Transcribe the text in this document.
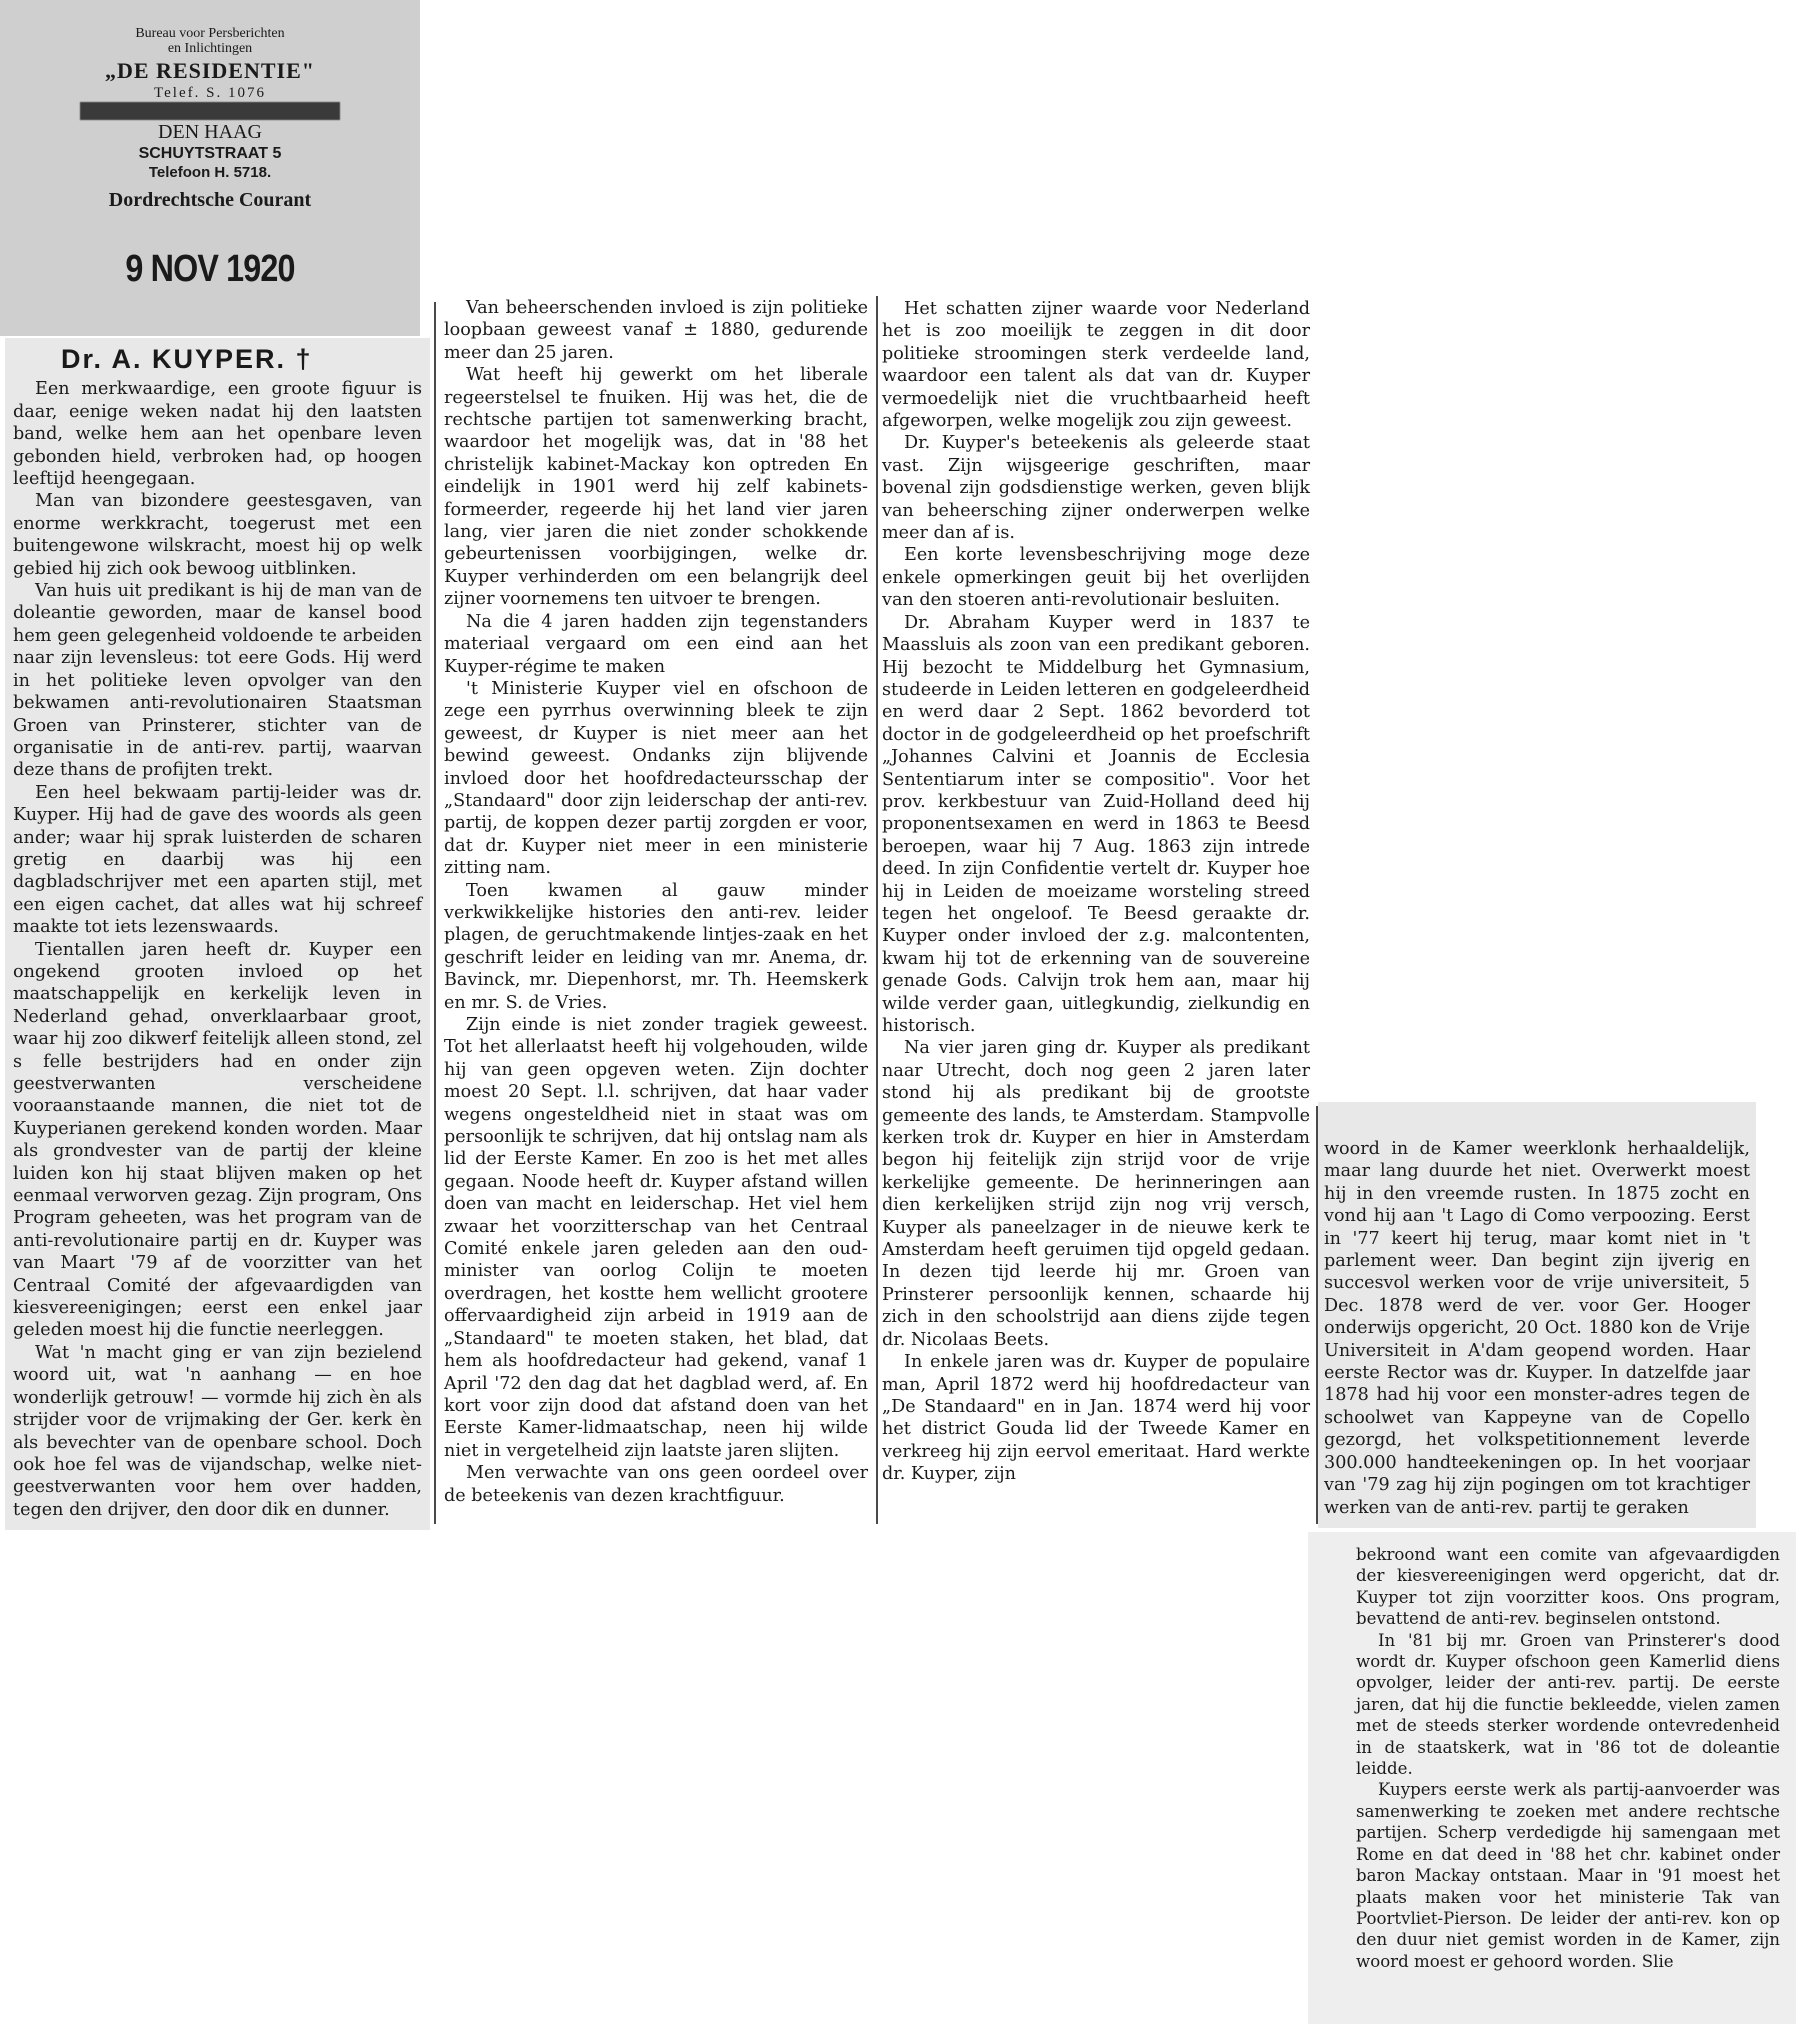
Bureau voor Persberichten
en Inlichtingen
„DE RESIDENTIE"
Telef. S. 1076

DEN HAAG
SCHUYTSTRAAT 5
Telefoon H. 5718.
Dordrechtsche Courant
9 NOV 1920
Dr. A. KUYPER. †

Een merkwaardige, een groote figuur is daar, eenige weken nadat hij den laatsten band, welke hem aan het openbare leven gebonden hield, verbroken had, op hoogen leeftijd heengegaan.

Man van bizondere geestesgaven, van enorme werkkracht, toegerust met een buitengewone wilskracht, moest hij op welk gebied hij zich ook bewoog uitblinken.

Van huis uit predikant is hij de man van de doleantie geworden, maar de kansel bood hem geen gelegenheid voldoende te arbeiden naar zijn levensleus: tot eere Gods. Hij werd in het politieke leven opvolger van den bekwamen anti-revolutionairen Staatsman Groen van Prinsterer, stichter van de organisatie in de anti-rev. partij, waarvan deze thans de profijten trekt.

Een heel bekwaam partij-leider was dr. Kuyper. Hij had de gave des woords als geen ander; waar hij sprak luisterden de scharen gretig en daarbij was hij een dagbladschrijver met een aparten stijl, met een eigen cachet, dat alles wat hij schreef maakte tot iets lezenswaards.

Tientallen jaren heeft dr. Kuyper een ongekend grooten invloed op het maatschappelijk en kerkelijk leven in Nederland gehad, onverklaarbaar groot, waar hij zoo dikwerf feitelijk alleen stond, zel s felle bestrijders had en onder zijn geestverwanten verscheidene vooraanstaande mannen, die niet tot de Kuyperianen gerekend konden worden. Maar als grondvester van de partij der kleine luiden kon hij staat blijven maken op het eenmaal verworven gezag. Zijn program, Ons Program geheeten, was het program van de anti-revolutionaire partij en dr. Kuyper was van Maart '79 af de voorzitter van het Centraal Comité der afgevaardigden van kiesvereenigingen; eerst een enkel jaar geleden moest hij die functie neerleggen.

Wat 'n macht ging er van zijn bezielend woord uit, wat 'n aanhang — en hoe wonderlijk getrouw! — vormde hij zich èn als strijder voor de vrijmaking der Ger. kerk èn als bevechter van de openbare school. Doch ook hoe fel was de vijandschap, welke niet-geestverwanten voor hem over hadden, tegen den drijver, den door dik en dunner.

Van beheerschenden invloed is zijn politieke loopbaan geweest vanaf ± 1880, gedurende meer dan 25 jaren.

Wat heeft hij gewerkt om het liberale regeerstelsel te fnuiken. Hij was het, die de rechtsche partijen tot samenwerking bracht, waardoor het mogelijk was, dat in '88 het christelijk kabinet-Mackay kon optreden En eindelijk in 1901 werd hij zelf kabinets-formeerder, regeerde hij het land vier jaren lang, vier jaren die niet zonder schokkende gebeurtenissen voorbijgingen, welke dr. Kuyper verhinderden om een belangrijk deel zijner voornemens ten uitvoer te brengen.

Na die 4 jaren hadden zijn tegenstanders materiaal vergaard om een eind aan het Kuyper-régime te maken

't Ministerie Kuyper viel en ofschoon de zege een pyrrhus overwinning bleek te zijn geweest, dr Kuyper is niet meer aan het bewind geweest. Ondanks zijn blijvende invloed door het hoofdredacteursschap der „Standaard" door zijn leiderschap der anti-rev. partij, de koppen dezer partij zorgden er voor, dat dr. Kuyper niet meer in een ministerie zitting nam.

Toen kwamen al gauw minder verkwikkelijke histories den anti-rev. leider plagen, de geruchtmakende lintjes-zaak en het geschrift leider en leiding van mr. Anema, dr. Bavinck, mr. Diepenhorst, mr. Th. Heemskerk en mr. S. de Vries.

Zijn einde is niet zonder tragiek geweest. Tot het allerlaatst heeft hij volgehouden, wilde hij van geen opgeven weten. Zijn dochter moest 20 Sept. l.l. schrijven, dat haar vader wegens ongesteldheid niet in staat was om persoonlijk te schrijven, dat hij ontslag nam als lid der Eerste Kamer. En zoo is het met alles gegaan. Noode heeft dr. Kuyper afstand willen doen van macht en leiderschap. Het viel hem zwaar het voorzitterschap van het Centraal Comité enkele jaren geleden aan den oud-minister van oorlog Colijn te moeten overdragen, het kostte hem wellicht grootere offervaardigheid zijn arbeid in 1919 aan de „Standaard" te moeten staken, het blad, dat hem als hoofdredacteur had gekend, vanaf 1 April '72 den dag dat het dagblad werd, af. En kort voor zijn dood dat afstand doen van het Eerste Kamer-lidmaatschap, neen hij wilde niet in vergetelheid zijn laatste jaren slijten.

Men verwachte van ons geen oordeel over de beteekenis van dezen krachtfiguur.

Het schatten zijner waarde voor Nederland het is zoo moeilijk te zeggen in dit door politieke stroomingen sterk verdeelde land, waardoor een talent als dat van dr. Kuyper vermoedelijk niet die vruchtbaarheid heeft afgeworpen, welke mogelijk zou zijn geweest.

Dr. Kuyper's beteekenis als geleerde staat vast. Zijn wijsgeerige geschriften, maar bovenal zijn godsdienstige werken, geven blijk van beheersching zijner onderwerpen welke meer dan af is.

Een korte levensbeschrijving moge deze enkele opmerkingen geuit bij het overlijden van den stoeren anti-revolutionair besluiten.

Dr. Abraham Kuyper werd in 1837 te Maassluis als zoon van een predikant geboren. Hij bezocht te Middelburg het Gymnasium, studeerde in Leiden letteren en godgeleerdheid en werd daar 2 Sept. 1862 bevorderd tot doctor in de godgeleerdheid op het proefschrift „Johannes Calvini et Joannis de Ecclesia Sententiarum inter se compositio". Voor het prov. kerkbestuur van Zuid-Holland deed hij proponentsexamen en werd in 1863 te Beesd beroepen, waar hij 7 Aug. 1863 zijn intrede deed. In zijn Confidentie vertelt dr. Kuyper hoe hij in Leiden de moeizame worsteling streed tegen het ongeloof. Te Beesd geraakte dr. Kuyper onder invloed der z.g. malcontenten, kwam hij tot de erkenning van de souvereine genade Gods. Calvijn trok hem aan, maar hij wilde verder gaan, uitlegkundig, zielkundig en historisch.

Na vier jaren ging dr. Kuyper als predikant naar Utrecht, doch nog geen 2 jaren later stond hij als predikant bij de grootste gemeente des lands, te Amsterdam. Stampvolle kerken trok dr. Kuyper en hier in Amsterdam begon hij feitelijk zijn strijd voor de vrije kerkelijke gemeente. De herinneringen aan dien kerkelijken strijd zijn nog vrij versch, Kuyper als paneelzager in de nieuwe kerk te Amsterdam heeft geruimen tijd opgeld gedaan. In dezen tijd leerde hij mr. Groen van Prinsterer persoonlijk kennen, schaarde hij zich in den schoolstrijd aan diens zijde tegen dr. Nicolaas Beets.

In enkele jaren was dr. Kuyper de populaire man, April 1872 werd hij hoofdredacteur van „De Standaard" en in Jan. 1874 werd hij voor het district Gouda lid der Tweede Kamer en verkreeg hij zijn eervol emeritaat. Hard werkte dr. Kuyper, zijn

woord in de Kamer weerklonk herhaaldelijk, maar lang duurde het niet. Overwerkt moest hij in den vreemde rusten. In 1875 zocht en vond hij aan 't Lago di Como verpoozing. Eerst in '77 keert hij terug, maar komt niet in 't parlement weer. Dan begint zijn ijverig en succesvol werken voor de vrije universiteit, 5 Dec. 1878 werd de ver. voor Ger. Hooger onderwijs opgericht, 20 Oct. 1880 kon de Vrije Universiteit in A'dam geopend worden. Haar eerste Rector was dr. Kuyper. In datzelfde jaar 1878 had hij voor een monster-adres tegen de schoolwet van Kappeyne van de Copello gezorgd, het volkspetitionnement leverde 300.000 handteekeningen op. In het voorjaar van '79 zag hij zijn pogingen om tot krachtiger werken van de anti-rev. partij te geraken

bekroond want een comite van afgevaardigden der kiesvereenigingen werd opgericht, dat dr. Kuyper tot zijn voorzitter koos. Ons program, bevattend de anti-rev. beginselen ontstond.

In '81 bij mr. Groen van Prinsterer's dood wordt dr. Kuyper ofschoon geen Kamerlid diens opvolger, leider der anti-rev. partij. De eerste jaren, dat hij die functie bekleedde, vielen zamen met de steeds sterker wordende ontevredenheid in de staatskerk, wat in '86 tot de doleantie leidde.

Kuypers eerste werk als partij-aanvoerder was samenwerking te zoeken met andere rechtsche partijen. Scherp verdedigde hij samengaan met Rome en dat deed in '88 het chr. kabinet onder baron Mackay ontstaan. Maar in '91 moest het plaats maken voor het ministerie Tak van Poortvliet-Pierson. De leider der anti-rev. kon op den duur niet gemist worden in de Kamer, zijn woord moest er gehoord worden. Slie
